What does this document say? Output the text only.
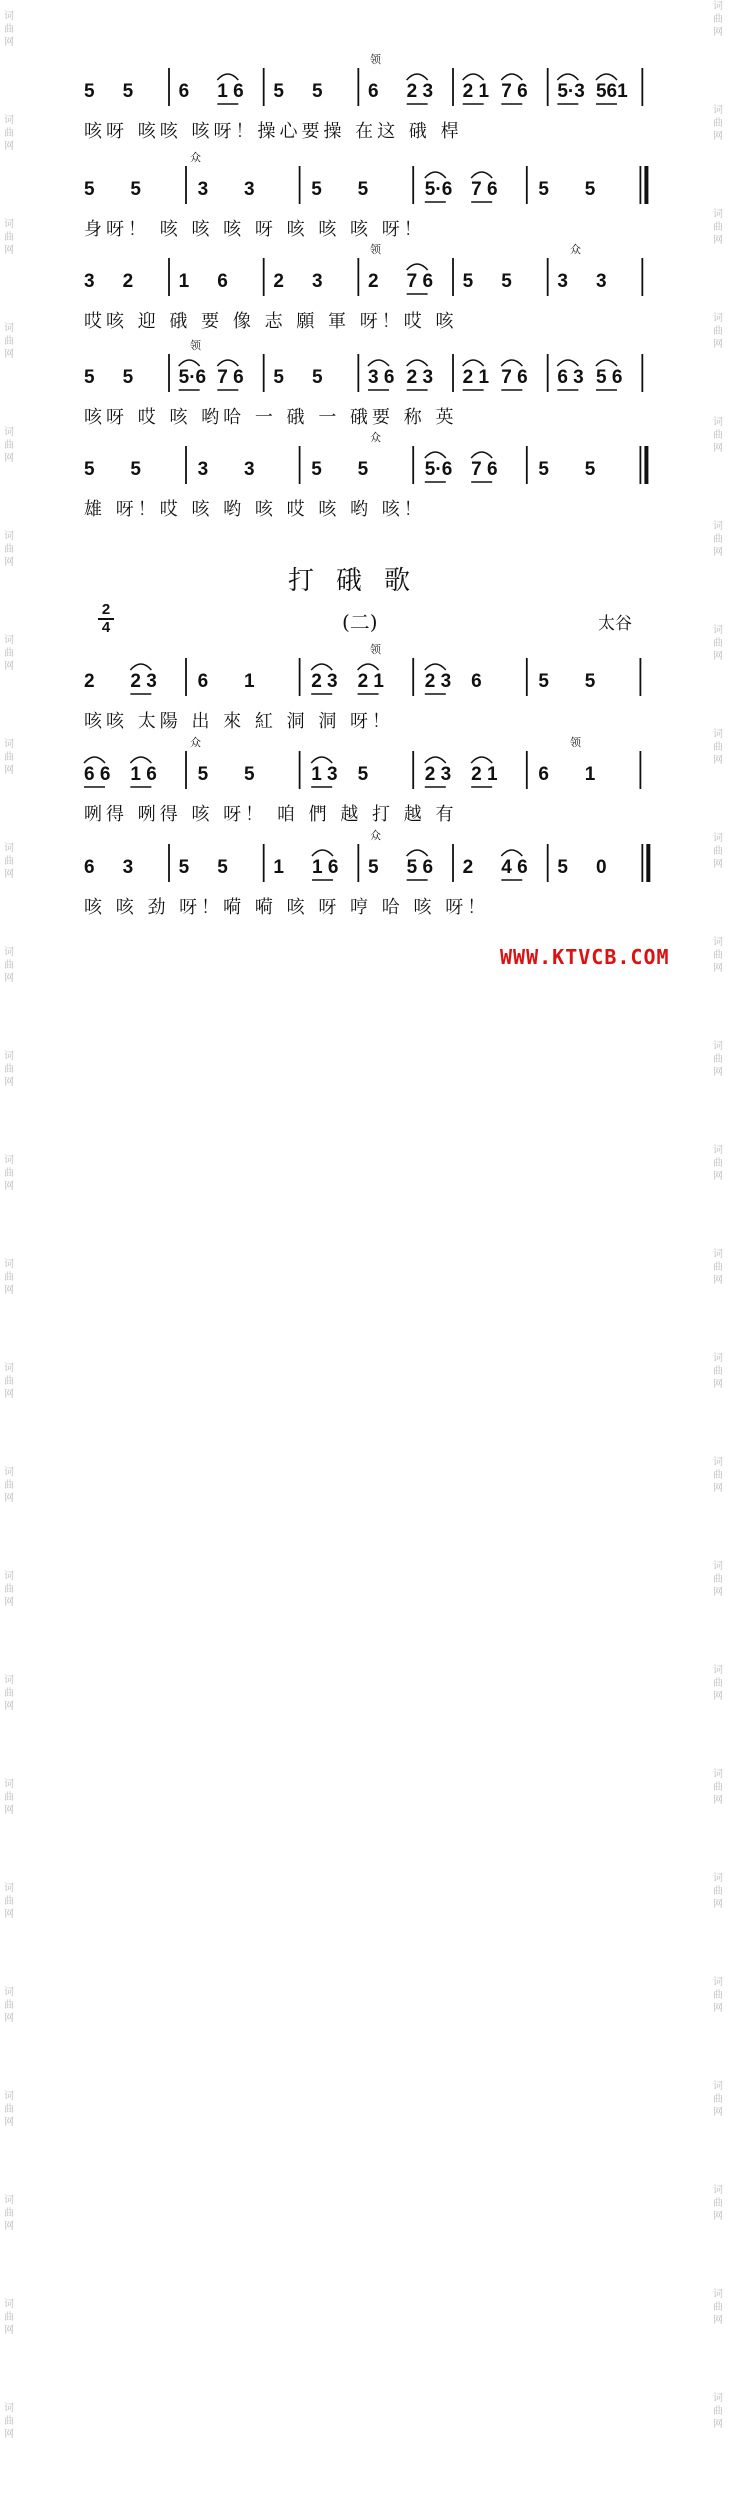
词
曲
网

词
曲
网

词
曲
网

词
曲
网

词
曲
网

词
曲
网

词
曲
网

词
曲
网

词
曲
网

词
曲
网

词
曲
网

词
曲
网

词
曲
网

词
曲
网

词
曲
网

词
曲
网

词
曲
网

词
曲
网

词
曲
网

词
曲
网

词
曲
网

词
曲
网

词
曲
网

词
曲
网

词
曲
网

词
曲
网

词
曲
网

词
曲
网

词
曲
网

词
曲
网

词
曲
网

词
曲
网

词
曲
网

词
曲
网

词
曲
网

词
曲
网

词
曲
网

词
曲
网

词
曲
网

词
曲
网

词
曲
网

词
曲
网

词
曲
网

词
曲
网

词
曲
网

词
曲
网

词
曲
网

词
曲
网

5 5 6 1 6 5 5 6 2 3 2 1 7 6 5·3 561
咳呀 咳咳 咳呀！操心要操 在这 硪 桿
领
5 5	3 3	5 5	5·6 7 6 5 5
身呀！ 咳 咳 咳 呀 咳 咳 咳 呀！
众
3 2 1 6 2 3 2 7 6 5 5 3 3
哎咳 迎 硪 要 像 志 願 軍 呀！哎 咳
领	众
5 5 5·6 7 6 5 5 3 6 2 3 2 1 7 6 6 3 5 6
咳呀 哎 咳 哟哈 一 硪 一 硪要 称 英
领
5 5	3 3	5 5	5·6 7 6 5 5
雄 呀！哎 咳 哟 咳 哎 咳 哟 咳！
众
打硪歌
(二)	太谷
2
4
2 2 3 6 1	2 3 2 1 2 3 6	5 5
咳咳 太陽 出 來 紅 洞 洞 呀！
领
6 6 1 6 5 5	1 3 5	2 3 2 1 6 1
咧得 咧得 咳 呀！ 咱 們 越 打 越 有
众	领
6 3 5 5 1 1 6 5 5 6 2 4 6 5 0
咳 咳 劲 呀！嗬 嗬 咳 呀 哼 哈 咳 呀！
众
WWW.KTVCB.COM
